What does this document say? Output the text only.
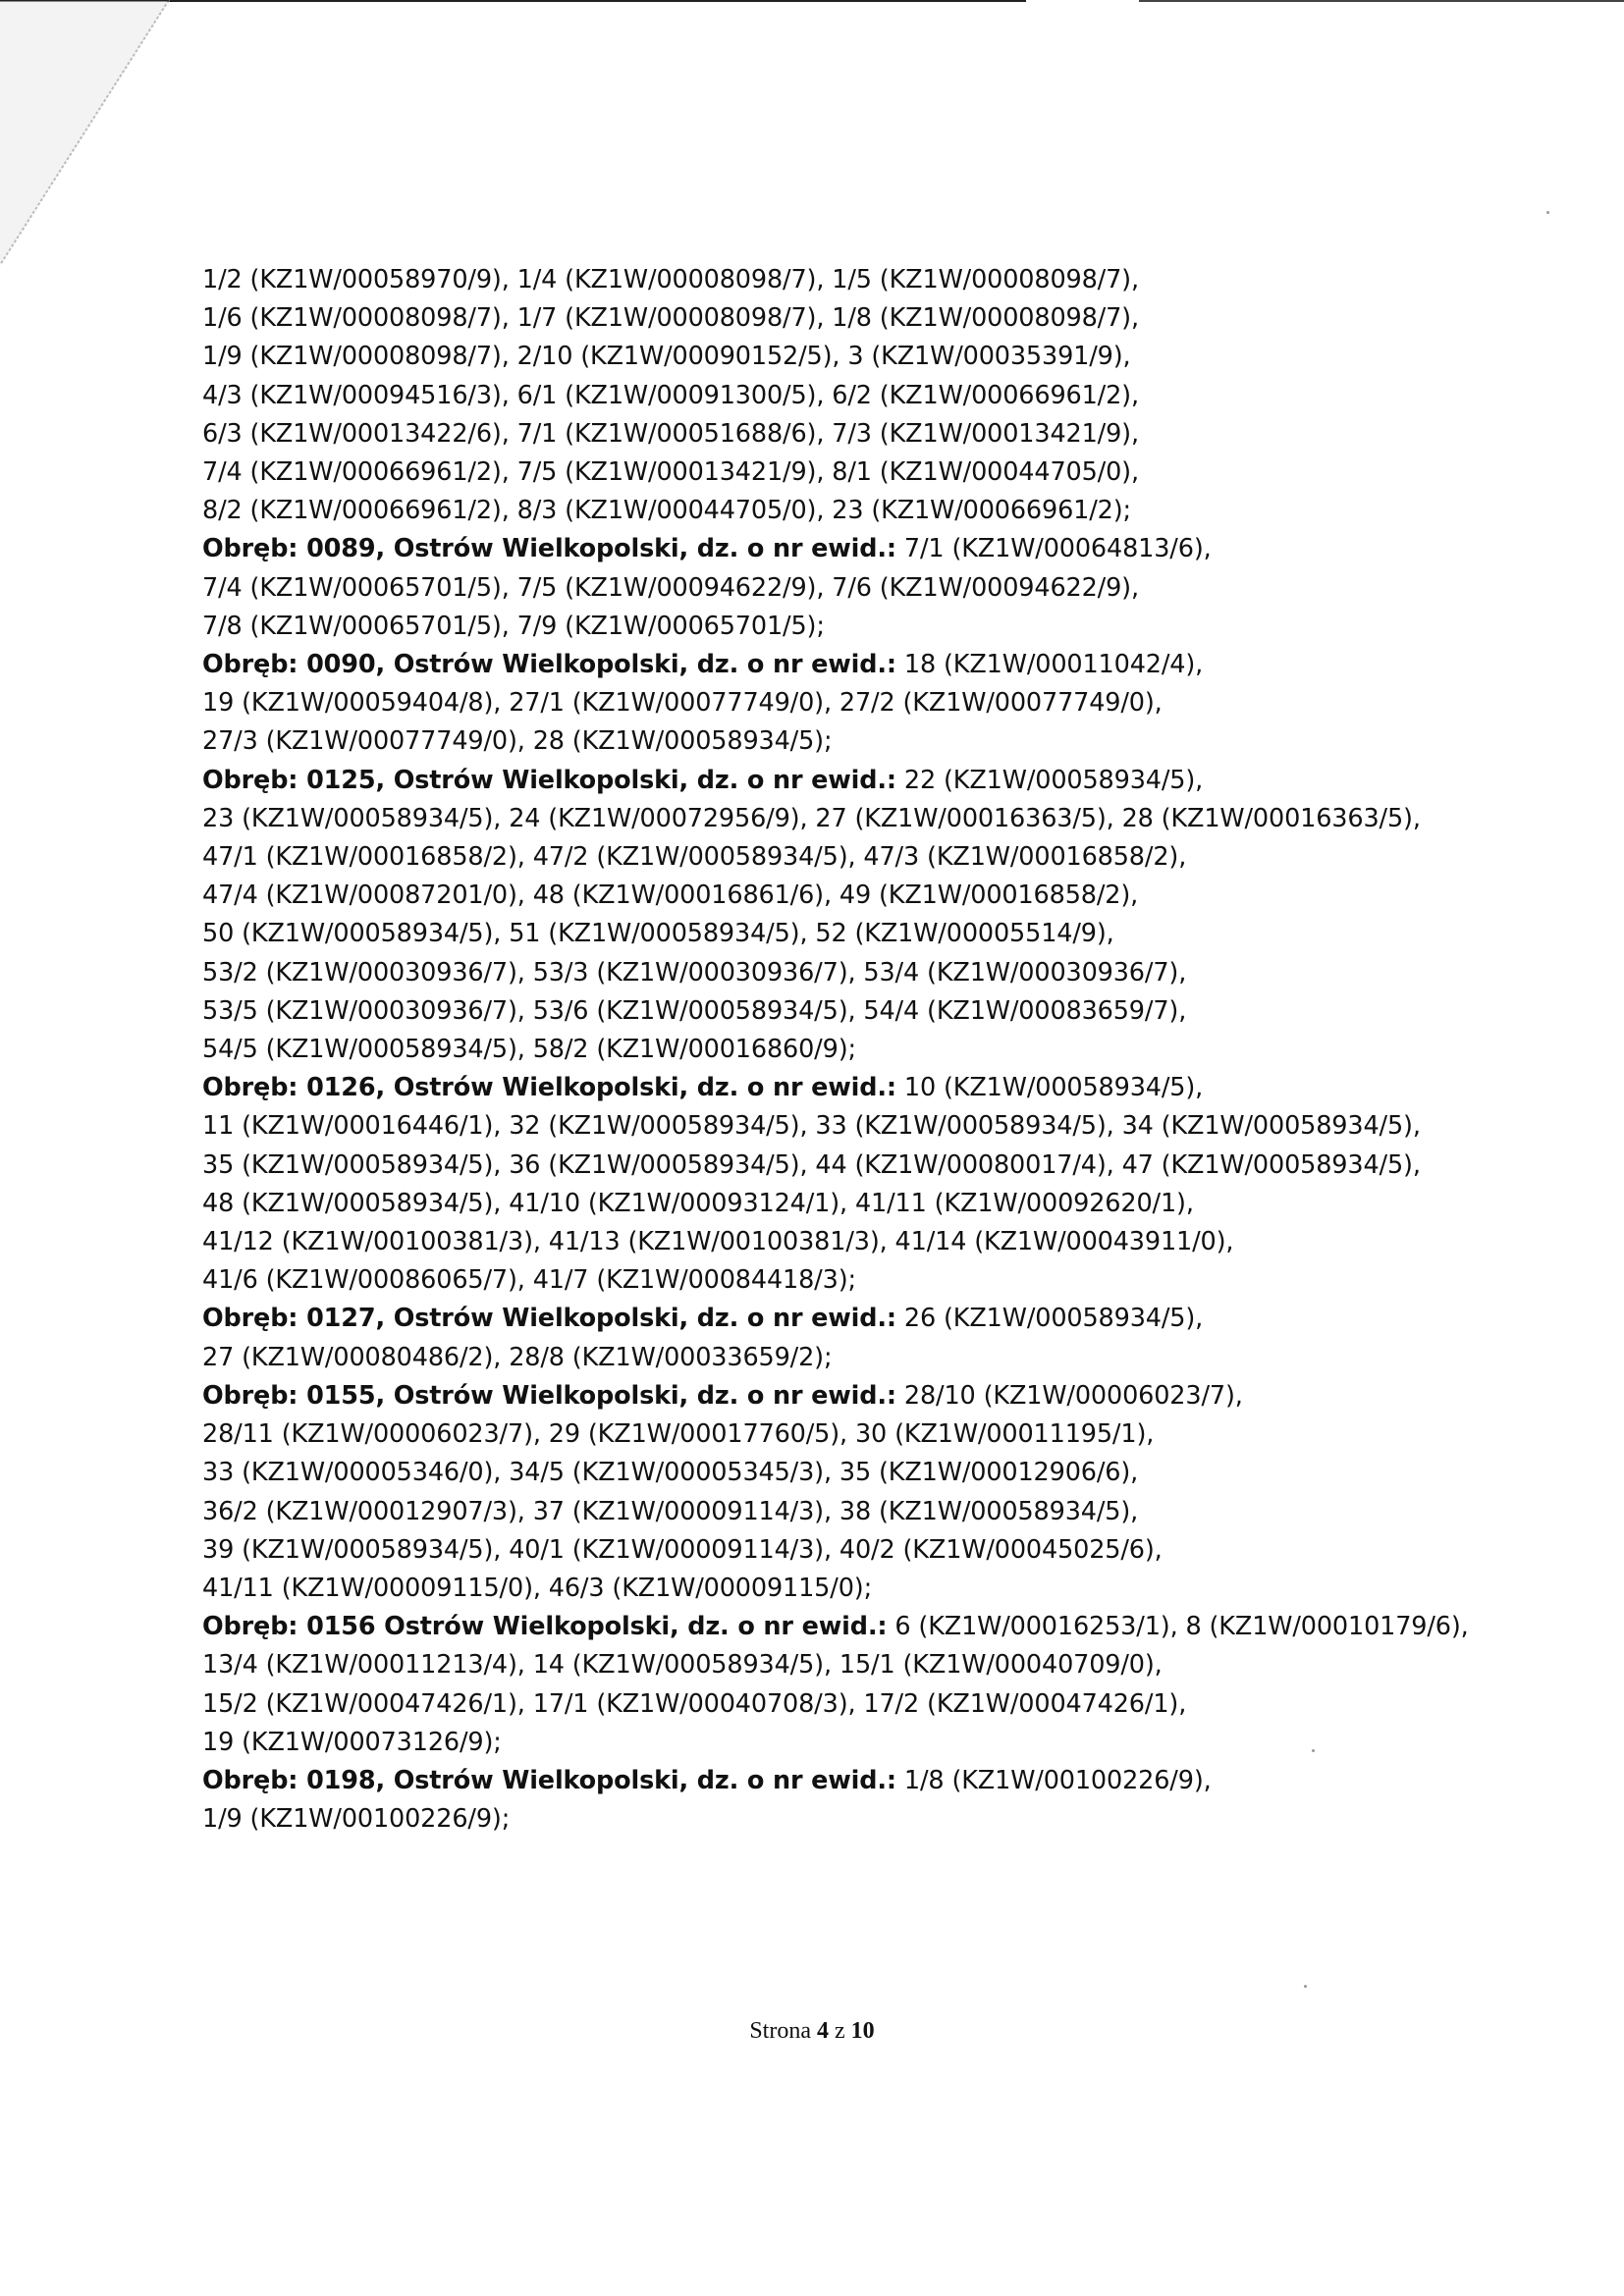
1/2 (KZ1W/00058970/9), 1/4 (KZ1W/00008098/7), 1/5 (KZ1W/00008098/7),
1/6 (KZ1W/00008098/7), 1/7 (KZ1W/00008098/7), 1/8 (KZ1W/00008098/7),
1/9 (KZ1W/00008098/7), 2/10 (KZ1W/00090152/5), 3 (KZ1W/00035391/9),
4/3 (KZ1W/00094516/3), 6/1 (KZ1W/00091300/5), 6/2 (KZ1W/00066961/2),
6/3 (KZ1W/00013422/6), 7/1 (KZ1W/00051688/6), 7/3 (KZ1W/00013421/9),
7/4 (KZ1W/00066961/2), 7/5 (KZ1W/00013421/9), 8/1 (KZ1W/00044705/0),
8/2 (KZ1W/00066961/2), 8/3 (KZ1W/00044705/0), 23 (KZ1W/00066961/2);
Obręb: 0089, Ostrów Wielkopolski, dz. o nr ewid.: 7/1 (KZ1W/00064813/6),
7/4 (KZ1W/00065701/5), 7/5 (KZ1W/00094622/9), 7/6 (KZ1W/00094622/9),
7/8 (KZ1W/00065701/5), 7/9 (KZ1W/00065701/5);
Obręb: 0090, Ostrów Wielkopolski, dz. o nr ewid.: 18 (KZ1W/00011042/4),
19 (KZ1W/00059404/8), 27/1 (KZ1W/00077749/0), 27/2 (KZ1W/00077749/0),
27/3 (KZ1W/00077749/0), 28 (KZ1W/00058934/5);
Obręb: 0125, Ostrów Wielkopolski, dz. o nr ewid.: 22 (KZ1W/00058934/5),
23 (KZ1W/00058934/5), 24 (KZ1W/00072956/9), 27 (KZ1W/00016363/5), 28 (KZ1W/00016363/5),
47/1 (KZ1W/00016858/2), 47/2 (KZ1W/00058934/5), 47/3 (KZ1W/00016858/2),
47/4 (KZ1W/00087201/0), 48 (KZ1W/00016861/6), 49 (KZ1W/00016858/2),
50 (KZ1W/00058934/5), 51 (KZ1W/00058934/5), 52 (KZ1W/00005514/9),
53/2 (KZ1W/00030936/7), 53/3 (KZ1W/00030936/7), 53/4 (KZ1W/00030936/7),
53/5 (KZ1W/00030936/7), 53/6 (KZ1W/00058934/5), 54/4 (KZ1W/00083659/7),
54/5 (KZ1W/00058934/5), 58/2 (KZ1W/00016860/9);
Obręb: 0126, Ostrów Wielkopolski, dz. o nr ewid.: 10 (KZ1W/00058934/5),
11 (KZ1W/00016446/1), 32 (KZ1W/00058934/5), 33 (KZ1W/00058934/5), 34 (KZ1W/00058934/5),
35 (KZ1W/00058934/5), 36 (KZ1W/00058934/5), 44 (KZ1W/00080017/4), 47 (KZ1W/00058934/5),
48 (KZ1W/00058934/5), 41/10 (KZ1W/00093124/1), 41/11 (KZ1W/00092620/1),
41/12 (KZ1W/00100381/3), 41/13 (KZ1W/00100381/3), 41/14 (KZ1W/00043911/0),
41/6 (KZ1W/00086065/7), 41/7 (KZ1W/00084418/3);
Obręb: 0127, Ostrów Wielkopolski, dz. o nr ewid.: 26 (KZ1W/00058934/5),
27 (KZ1W/00080486/2), 28/8 (KZ1W/00033659/2);
Obręb: 0155, Ostrów Wielkopolski, dz. o nr ewid.: 28/10 (KZ1W/00006023/7),
28/11 (KZ1W/00006023/7), 29 (KZ1W/00017760/5), 30 (KZ1W/00011195/1),
33 (KZ1W/00005346/0), 34/5 (KZ1W/00005345/3), 35 (KZ1W/00012906/6),
36/2 (KZ1W/00012907/3), 37 (KZ1W/00009114/3), 38 (KZ1W/00058934/5),
39 (KZ1W/00058934/5), 40/1 (KZ1W/00009114/3), 40/2 (KZ1W/00045025/6),
41/11 (KZ1W/00009115/0), 46/3 (KZ1W/00009115/0);
Obręb: 0156 Ostrów Wielkopolski, dz. o nr ewid.: 6 (KZ1W/00016253/1), 8 (KZ1W/00010179/6),
13/4 (KZ1W/00011213/4), 14 (KZ1W/00058934/5), 15/1 (KZ1W/00040709/0),
15/2 (KZ1W/00047426/1), 17/1 (KZ1W/00040708/3), 17/2 (KZ1W/00047426/1),
19 (KZ1W/00073126/9);
Obręb: 0198, Ostrów Wielkopolski, dz. o nr ewid.: 1/8 (KZ1W/00100226/9),
1/9 (KZ1W/00100226/9);
Strona 4 z 10
